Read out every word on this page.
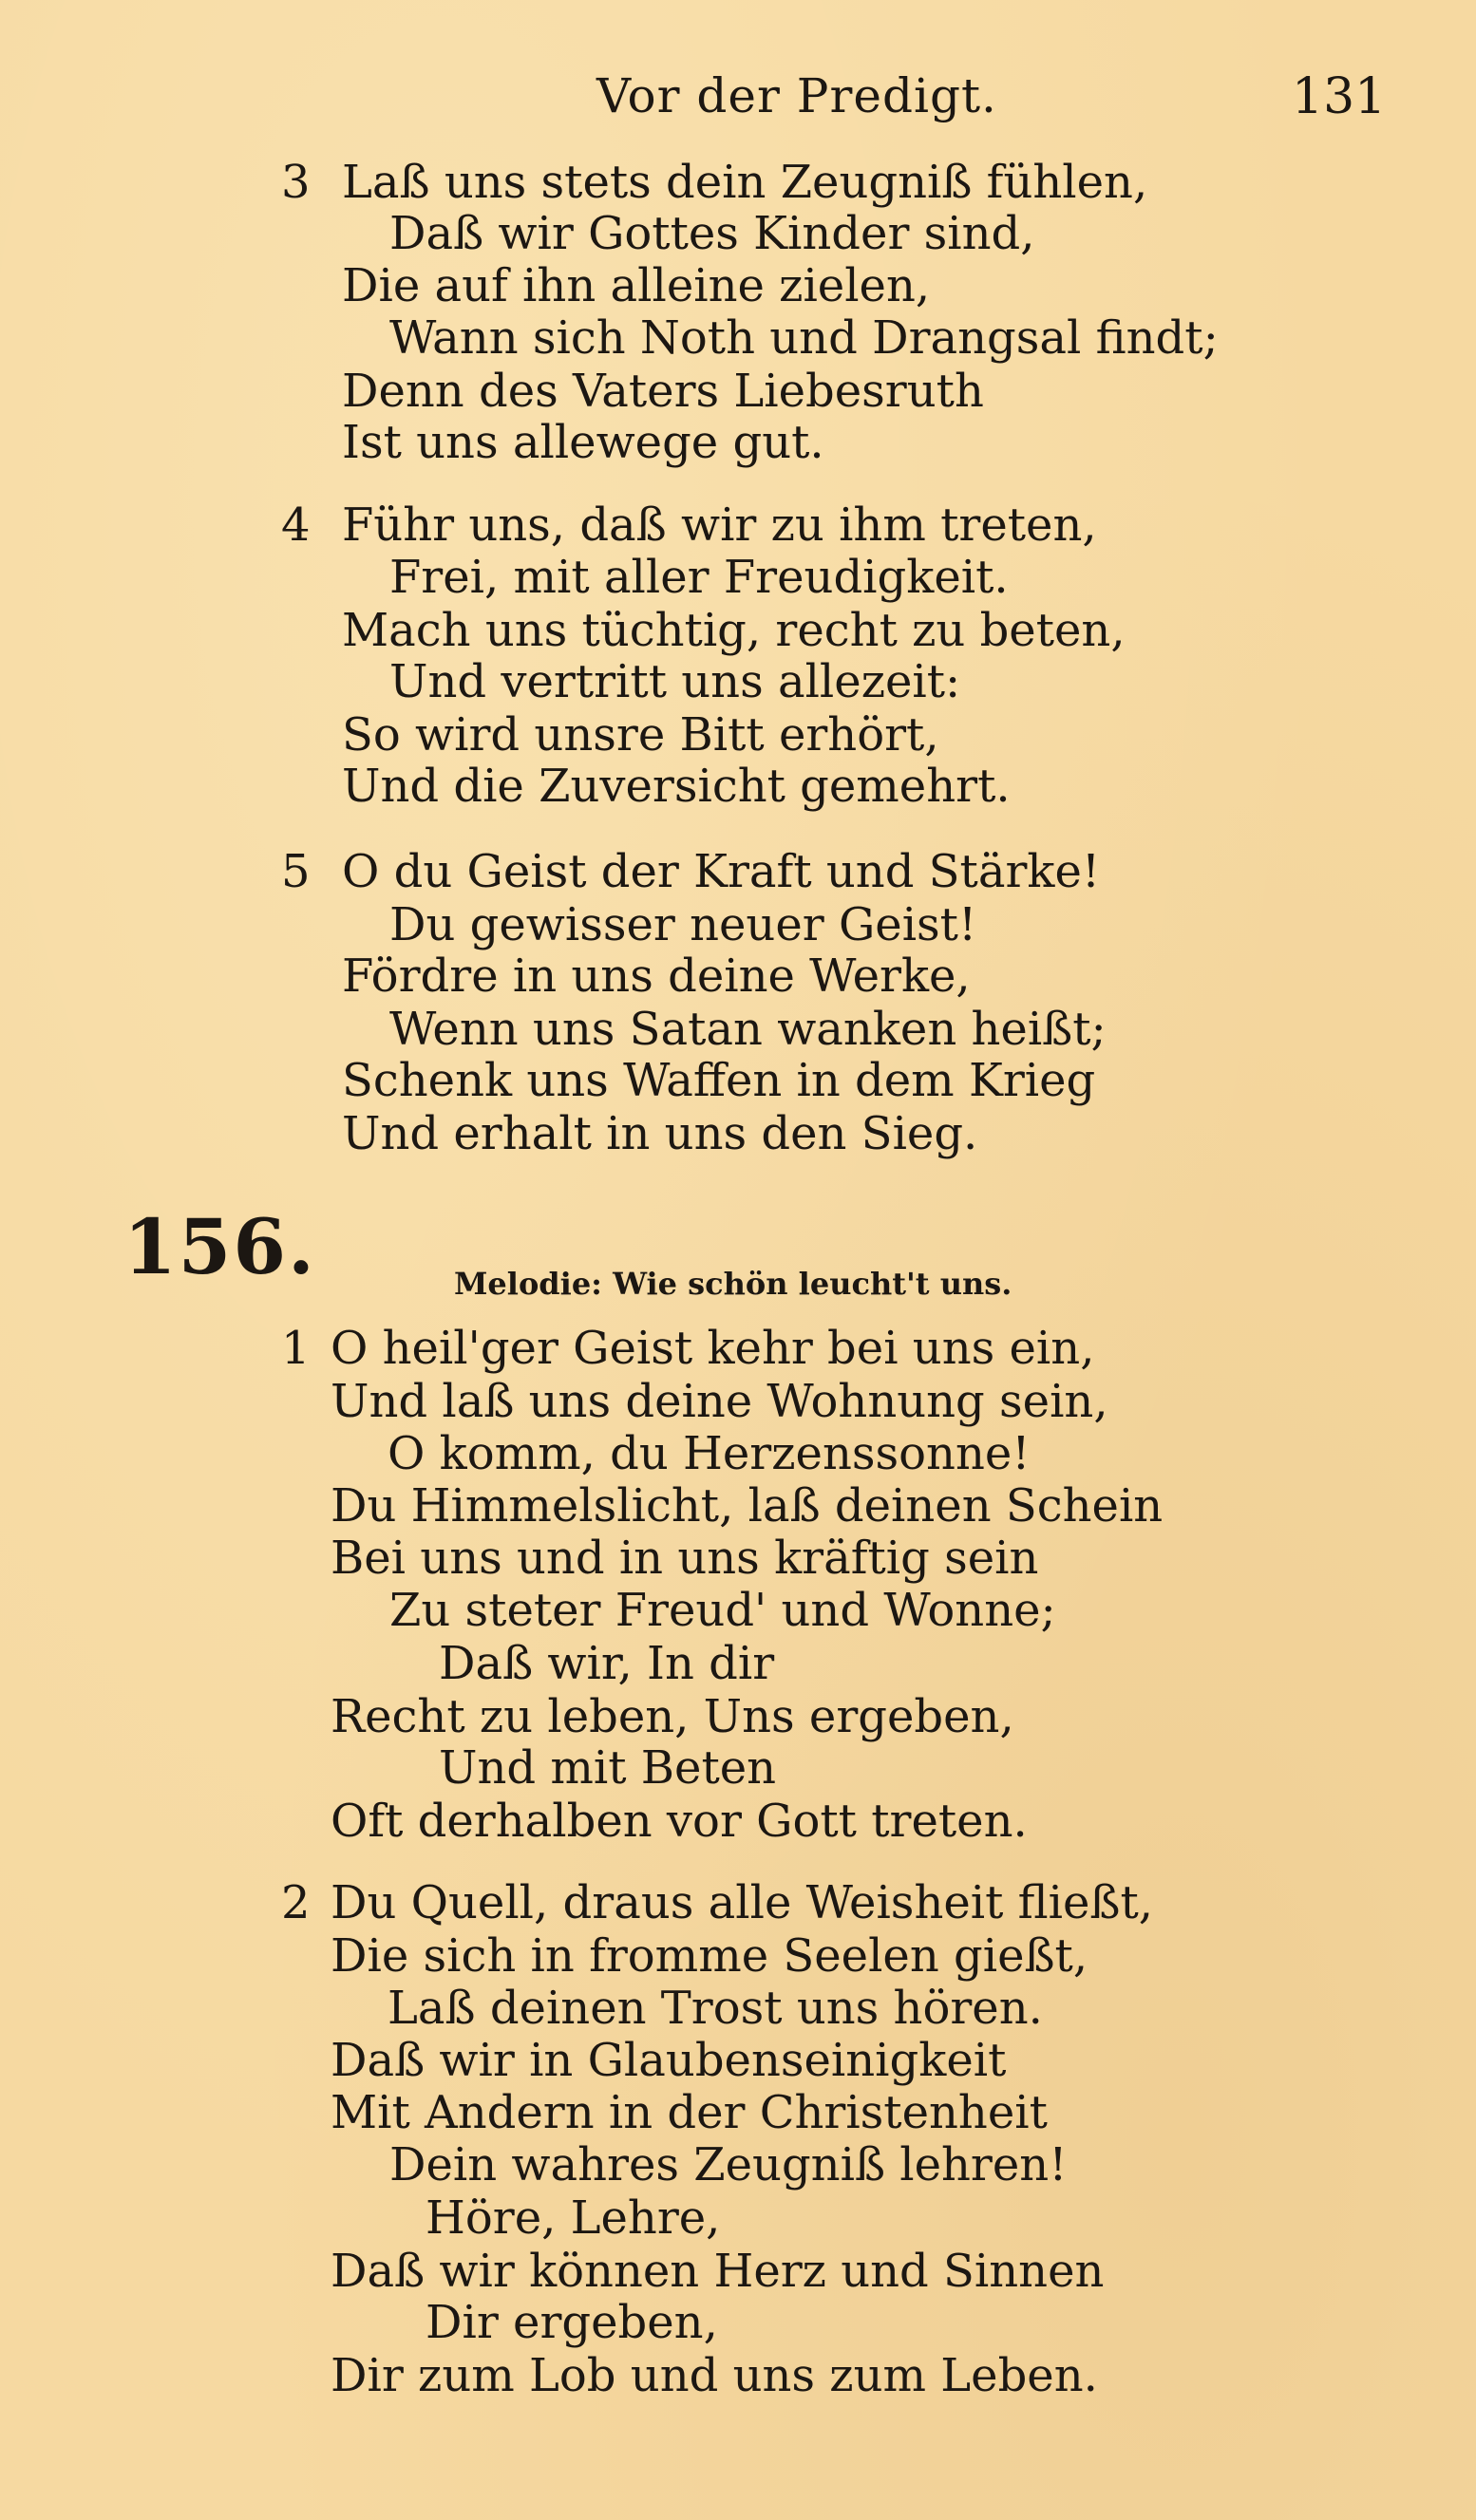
Vor der Predigt.	131
3 Laß uns stets dein Zeugniß fühlen,
Daß wir Gottes Kinder sind,
Die auf ihn alleine zielen,
Wann sich Noth und Drangsal findt;
Denn des Vaters Liebesruth
Ist uns allewege gut.
4 Führ uns, daß wir zu ihm treten,
Frei, mit aller Freudigkeit.
Mach uns tüchtig, recht zu beten,
Und vertritt uns allezeit:
So wird unsre Bitt erhört,
Und die Zuversicht gemehrt.
5 O du Geist der Kraft und Stärke!
Du gewisser neuer Geist!
Fördre in uns deine Werke,
Wenn uns Satan wanken heißt;
Schenk uns Waffen in dem Krieg
Und erhalt in uns den Sieg.
156.	Melodie: Wie schön leucht't uns.
1 O heil'ger Geist kehr bei uns ein,
Und laß uns deine Wohnung sein,
O komm, du Herzenssonne!
Du Himmelslicht, laß deinen Schein
Bei uns und in uns kräftig sein
Zu steter Freud' und Wonne;
Daß wir, In dir
Recht zu leben, Uns ergeben,
Und mit Beten
Oft derhalben vor Gott treten.
2 Du Quell, draus alle Weisheit fließt,
Die sich in fromme Seelen gießt,
Laß deinen Trost uns hören.
Daß wir in Glaubenseinigkeit
Mit Andern in der Christenheit
Dein wahres Zeugniß lehren!
Höre, Lehre,
Daß wir können Herz und Sinnen
Dir ergeben,
Dir zum Lob und uns zum Leben.
